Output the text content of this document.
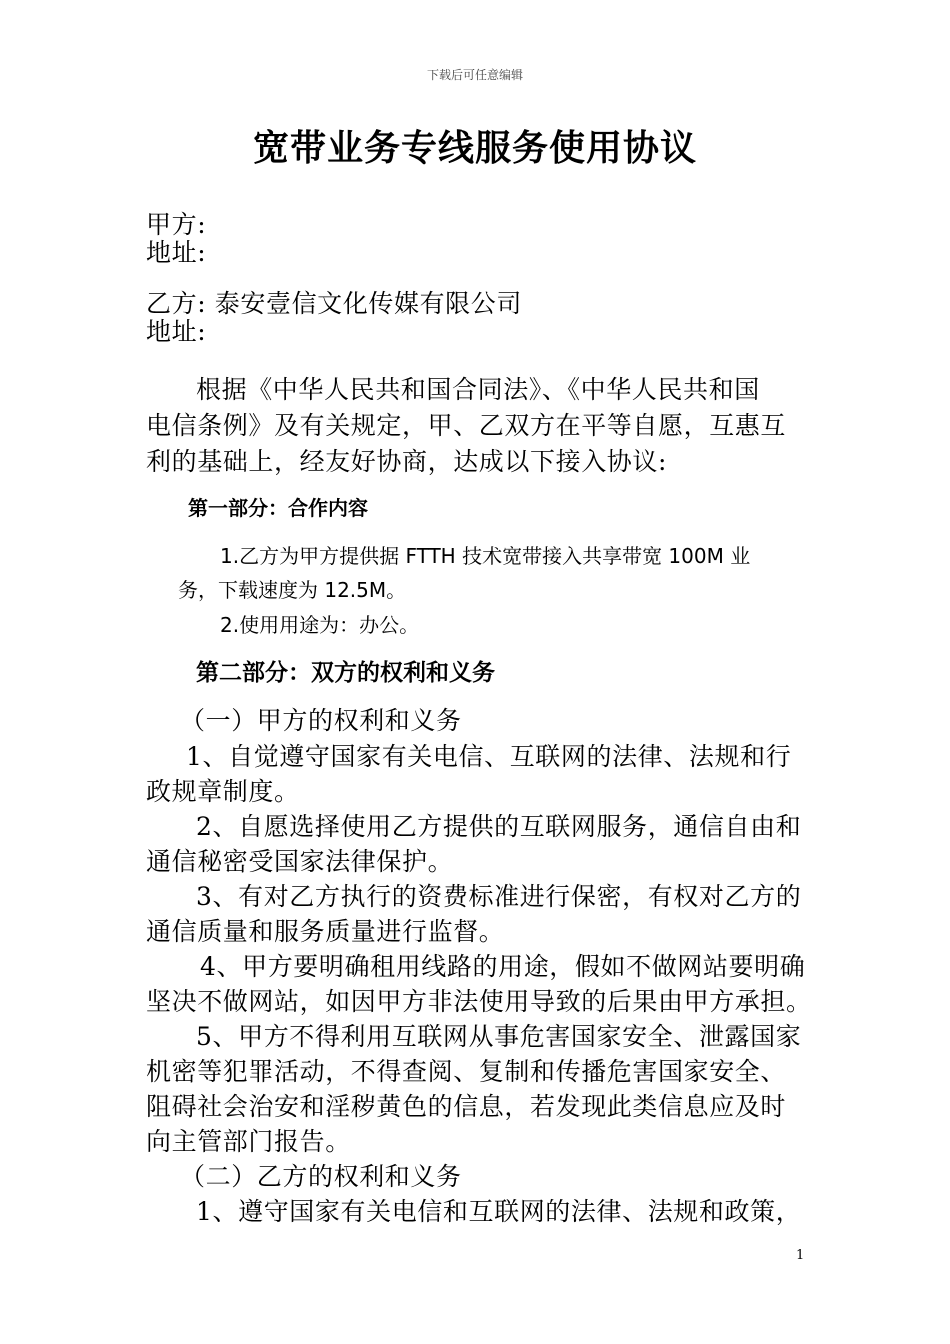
下载后可任意编辑
宽带业务专线服务使用协议
甲方:
地址:
乙方: 泰安壹信文化传媒有限公司
地址:
根据《中华人民共和国合同法》、《中华人民共和国
电信条例》及有关规定，甲、乙双方在平等自愿，互惠互
利的基础上，经友好协商，达成以下接入协议:
第一部分：合作内容
1.乙方为甲方提供据 FTTH 技术宽带接入共享带宽 100M 业
务，下载速度为 12.5M。
2.使用用途为：办公。
第二部分：双方的权利和义务
（一）甲方的权利和义务
1、自觉遵守国家有关电信、互联网的法律、法规和行
政规章制度。
2、自愿选择使用乙方提供的互联网服务，通信自由和
通信秘密受国家法律保护。
3、有对乙方执行的资费标准进行保密，有权对乙方的
通信质量和服务质量进行监督。
4、甲方要明确租用线路的用途，假如不做网站要明确
坚决不做网站，如因甲方非法使用导致的后果由甲方承担。
5、甲方不得利用互联网从事危害国家安全、泄露国家
机密等犯罪活动，不得查阅、复制和传播危害国家安全、
阻碍社会治安和淫秽黄色的信息，若发现此类信息应及时
向主管部门报告。
（二）乙方的权利和义务
1、遵守国家有关电信和互联网的法律、法规和政策，
1
